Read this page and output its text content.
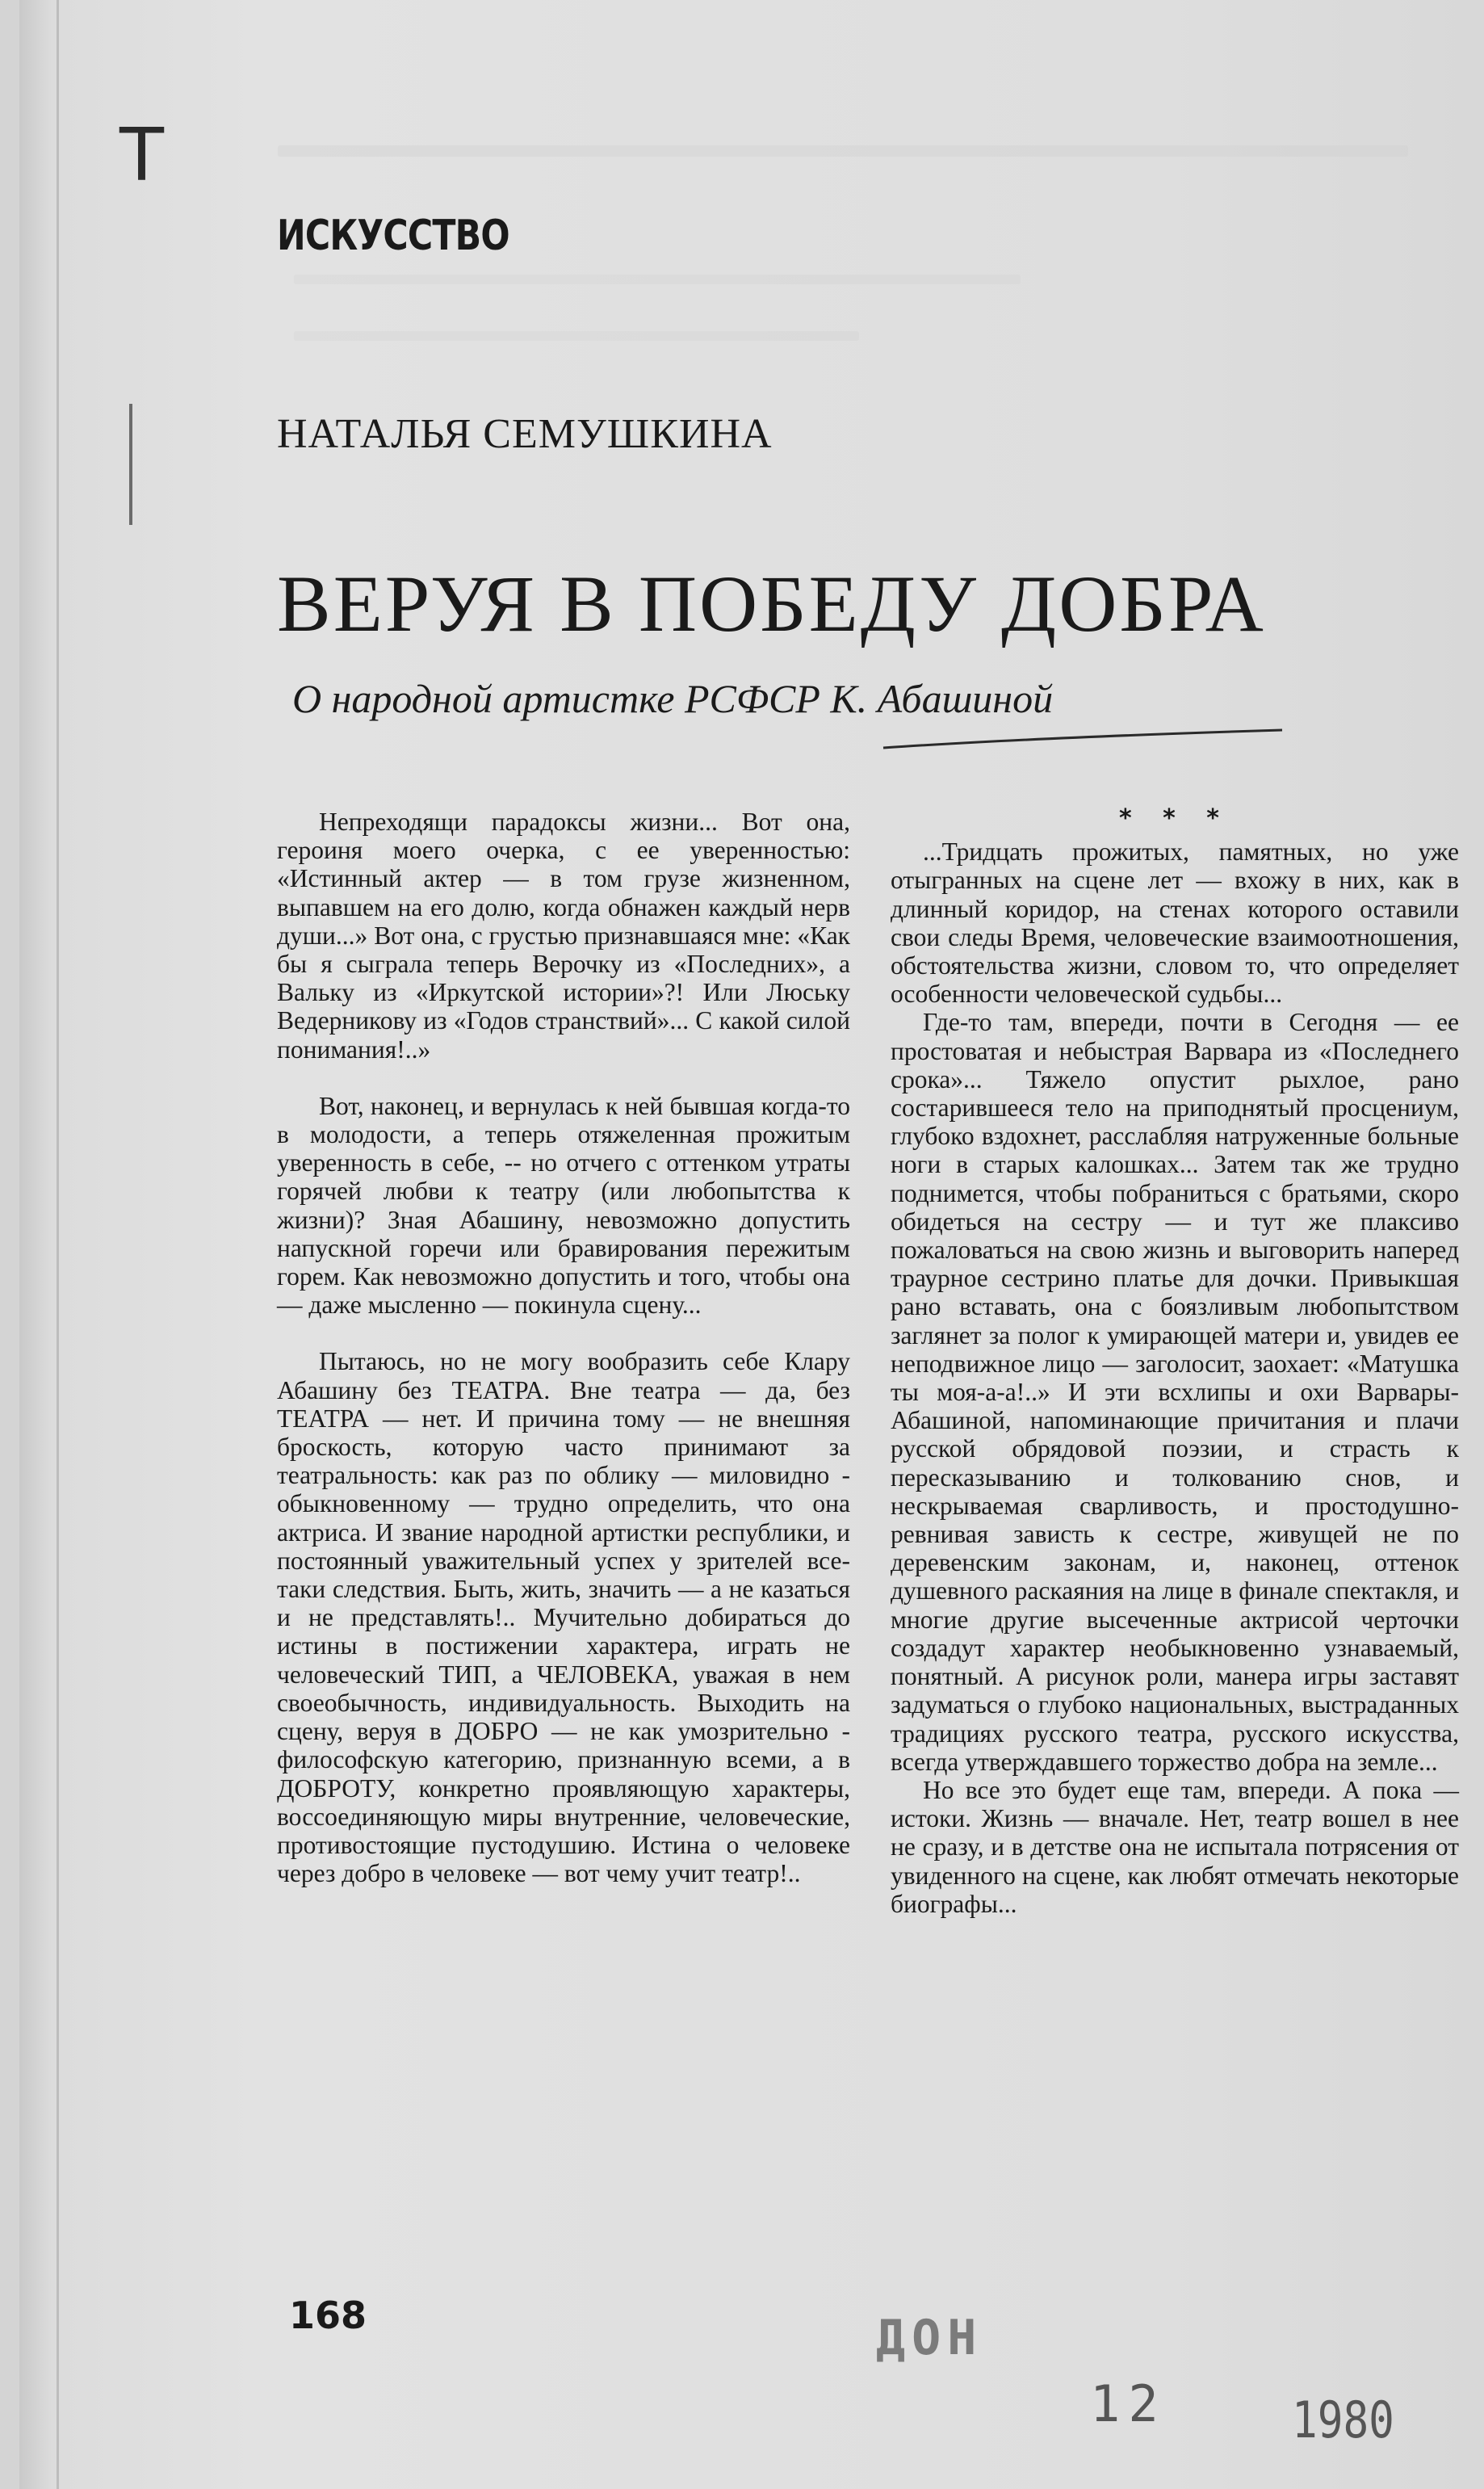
Т
ИСКУССТВО
НАТАЛЬЯ СЕМУШКИНА
ВЕРУЯ В ПОБЕДУ ДОБРА
О народной артистке РСФСР К. Абашиной

Непреходящи парадоксы жизни... Вот она, героиня моего очерка, с ее уверенностью: «Истинный актер — в том грузе жизненном, выпавшем на его долю, когда обнажен каждый нерв души...» Вот она, с грустью признавшаяся мне: «Как бы я сыграла теперь Верочку из «Последних», а Вальку из «Иркутской истории»?! Или Люську Ведерникову из «Годов странствий»... С какой силой понимания!..»

Вот, наконец, и вернулась к ней бывшая когда-то в молодости, а теперь отяжеленная прожитым уверенность в себе, -- но отчего с оттенком утраты горячей любви к театру (или любопытства к жизни)? Зная Абашину, невозможно допустить напускной горечи или бравирования пережитым горем. Как невозможно допустить и того, чтобы она — даже мысленно — покинула сцену...

Пытаюсь, но не могу вообразить себе Клару Абашину без ТЕАТРА. Вне театра — да, без ТЕАТРА — нет. И причина тому — не внешняя броскость, которую часто принимают за театральность: как раз по облику — миловидно - обыкновенному — трудно определить, что она актриса. И звание народной артистки республики, и постоянный уважительный успех у зрителей все-таки следствия. Быть, жить, значить — а не казаться и не представлять!.. Мучительно добираться до истины в постижении характера, играть не человеческий ТИП, а ЧЕЛОВЕКА, уважая в нем своеобычность, индивидуальность. Выходить на сцену, веруя в ДОБРО — не как умозрительно - философскую категорию, признанную всеми, а в ДОБРОТУ, конкретно проявляющую характеры, воссоединяющую миры внутренние, человеческие, противостоящие пустодушию. Истина о человеке через добро в человеке — вот чему учит театр!..

* * *

...Тридцать прожитых, памятных, но уже отыгранных на сцене лет — вхожу в них, как в длинный коридор, на стенах которого оставили свои следы Время, человеческие взаимоотношения, обстоятельства жизни, словом то, что определяет особенности человеческой судьбы...

Где-то там, впереди, почти в Сегодня — ее простоватая и небыстрая Варвара из «Последнего срока»... Тяжело опустит рыхлое, рано состарившееся тело на приподнятый просцениум, глубоко вздохнет, расслабляя натруженные больные ноги в старых калошках... Затем так же трудно поднимется, чтобы побраниться с братьями, скоро обидеться на сестру — и тут же плаксиво пожаловаться на свою жизнь и выговорить наперед траурное сестрино платье для дочки. Привыкшая рано вставать, она с боязливым любопытством заглянет за полог к умирающей матери и, увидев ее неподвижное лицо — заголосит, заохает: «Матушка ты моя-а-а!..» И эти всхлипы и охи Варвары-Абашиной, напоминающие причитания и плачи русской обрядовой поэзии, и страсть к пересказыванию и толкованию снов, и нескрываемая сварливость, и простодушно-ревнивая зависть к сестре, живущей не по деревенским законам, и, наконец, оттенок душевного раскаяния на лице в финале спектакля, и многие другие высеченные актрисой черточки создадут характер необыкновенно узнаваемый, понятный. А рисунок роли, манера игры заставят задуматься о глубоко национальных, выстраданных традициях русского театра, русского искусства, всегда утверждавшего торжество добра на земле...

Но все это будет еще там, впереди. А пока — истоки. Жизнь — вначале. Нет, театр вошел в нее не сразу, и в детстве она не испытала потрясения от увиденного на сцене, как любят отмечать некоторые биографы...

168	ДОН
12	1980
